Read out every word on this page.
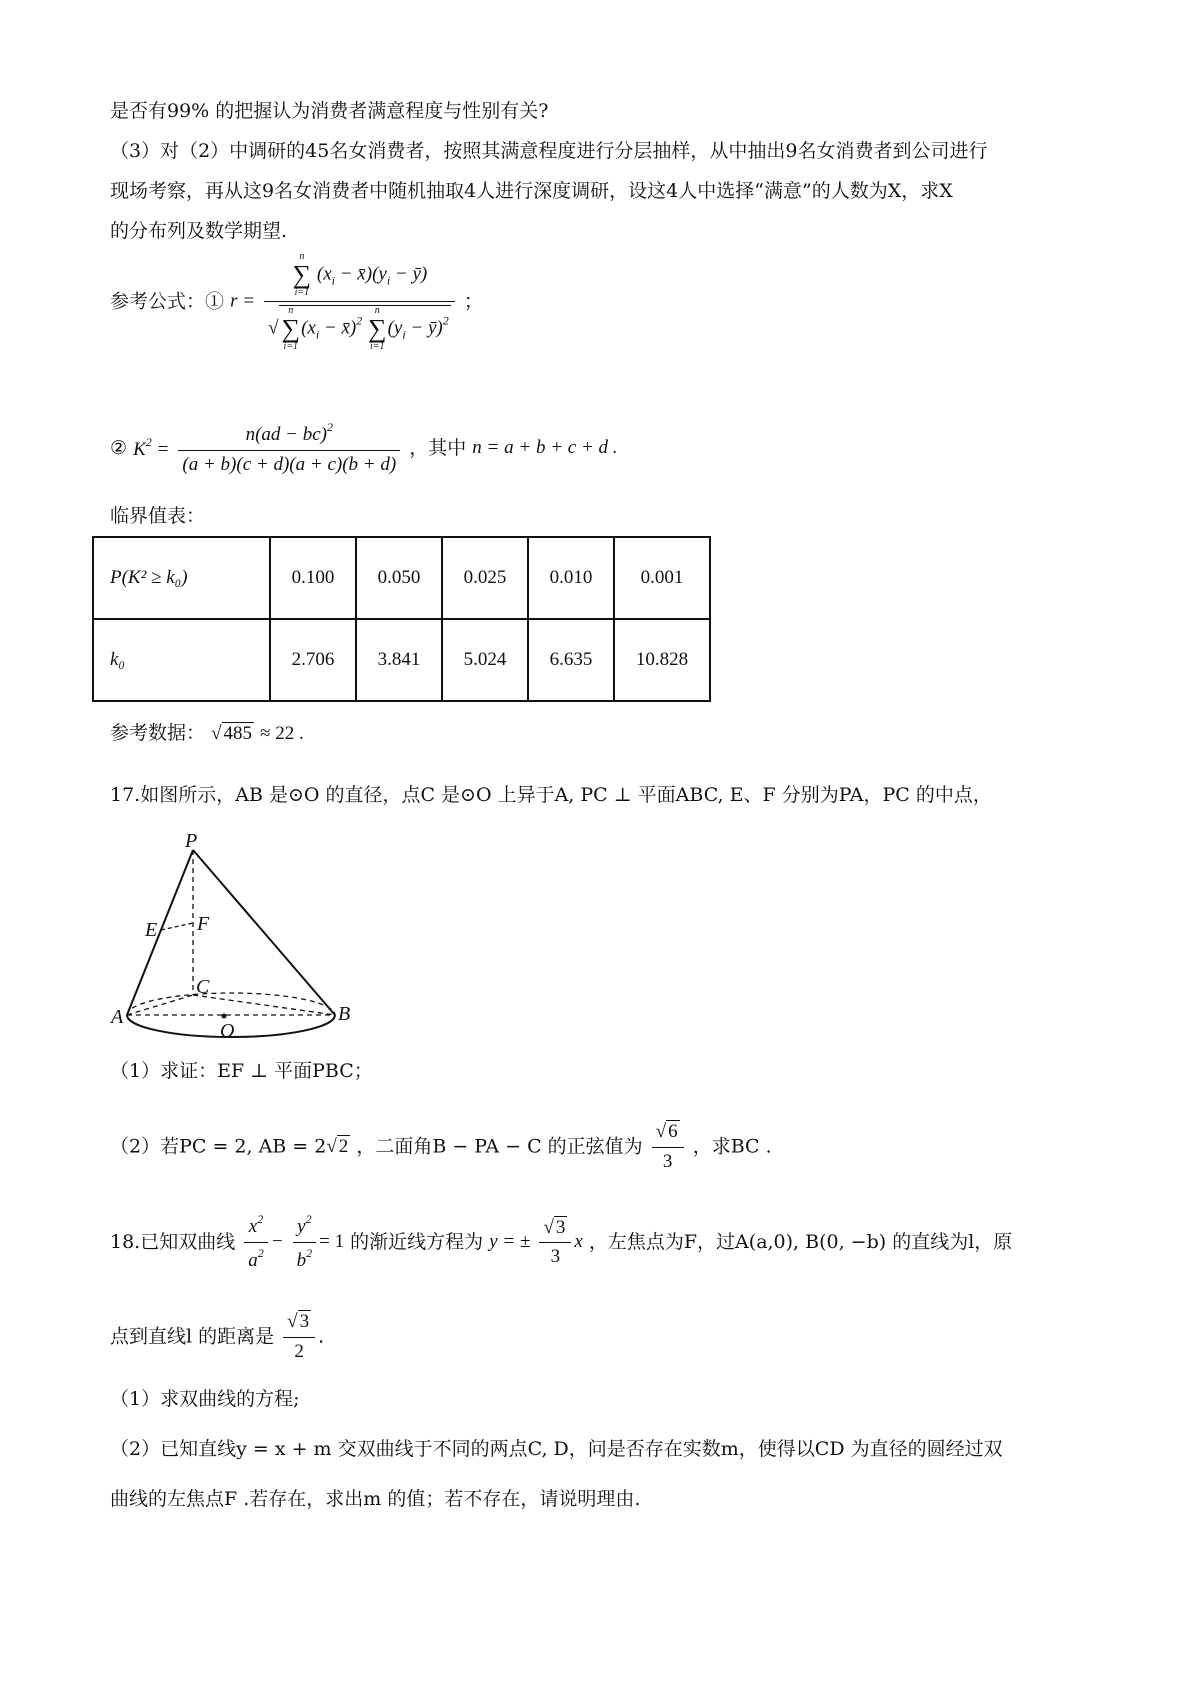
是否有99% 的把握认为消费者满意程度与性别有关?
（3）对（2）中调研的45名女消费者，按照其满意程度进行分层抽样，从中抽出9名女消费者到公司进行
现场考察，再从这9名女消费者中随机抽取4人进行深度调研，设这4人中选择“满意”的人数为X，求X
的分布列及数学期望.
参考公式：① r = n
∑
i=1 ($x_i$ − $x̄)(y_i$ − ȳ)
√n
∑
$i=1(x_i$ − x̄)$^2$ n
∑
$i=1(y_i$ − ȳ)$^2$ ；
② $K^2 = \frac{n(ad - bc)^2}{(a + b)(c + d)(a + c)(b + d)}$ ，其中 n = a + b + c + d .
临界值表：
P(K² ≥ k₀)	0.100	0.050	0.025	0.010	0.001
k₀	2.706	3.841	5.024	6.635	10.828
参考数据： √ 485 ≈ 22 .
17.如图所示，AB 是⊙O 的直径，点C 是⊙O 上异于A, PC ⊥ 平面ABC, E、F 分别为PA，PC 的中点，
P
E F
C
A	B
O
（1）求证：EF ⊥ 平面PBC；
（2）若PC = 2, AB = 2√ 2 ，二面角B − PA − C 的正弦值为 $\frac{√ 6}{3}$ ，求BC .
18.已知双曲线 $\frac{x^2}{a^2} - \frac{y^2}{b^2} = 1$ 的渐近线方程为 y = ± $\frac{√ 3}{3}$ x ，左焦点为F，过A(a,0), B(0, −b) 的直线为l，原
点到直线l 的距离是 $\frac{√ 3}{2}$ .
（1）求双曲线的方程;
（2）已知直线y = x + m 交双曲线于不同的两点C, D，问是否存在实数m，使得以CD 为直径的圆经过双
曲线的左焦点F .若存在，求出m 的值；若不存在，请说明理由.
